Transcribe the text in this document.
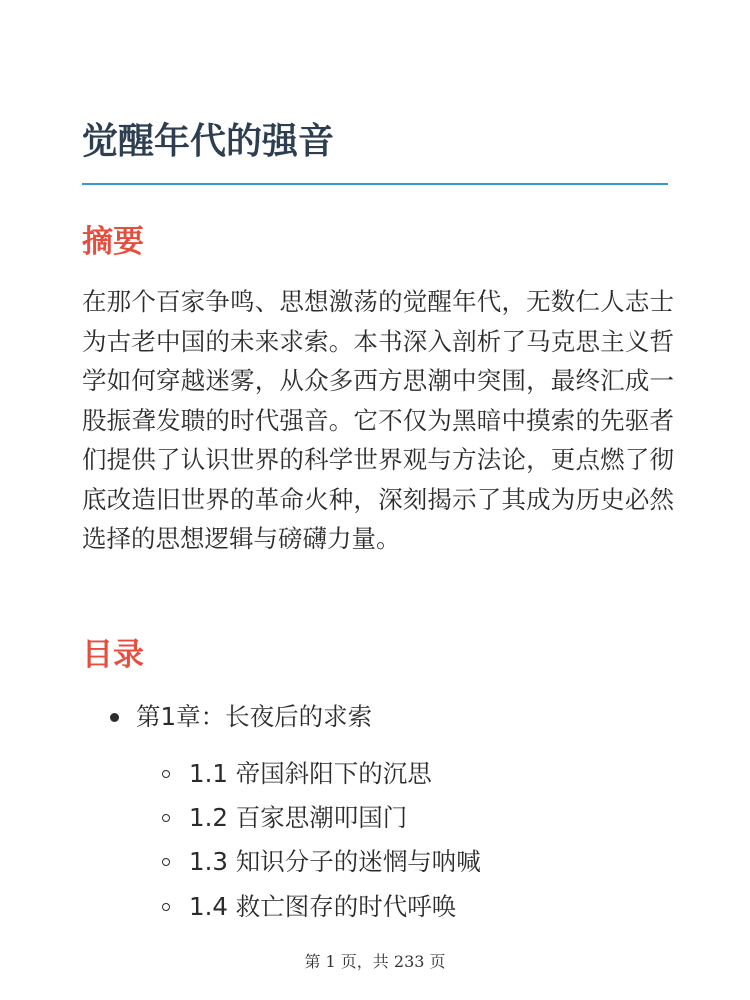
觉醒年代的强音
摘要

在那个百家争鸣、思想激荡的觉醒年代，无数仁人志士为古老中国的未来求索。本书深入剖析了马克思主义哲学如何穿越迷雾，从众多西方思潮中突围，最终汇成一股振聋发聩的时代强音。它不仅为黑暗中摸索的先驱者们提供了认识世界的科学世界观与方法论，更点燃了彻底改造旧世界的革命火种，深刻揭示了其成为历史必然选择的思想逻辑与磅礴力量。

目录
第1章：长夜后的求索
1.1 帝国斜阳下的沉思
1.2 百家思潮叩国门
1.3 知识分子的迷惘与呐喊
1.4 救亡图存的时代呼唤
第 1 页，共 233 页
